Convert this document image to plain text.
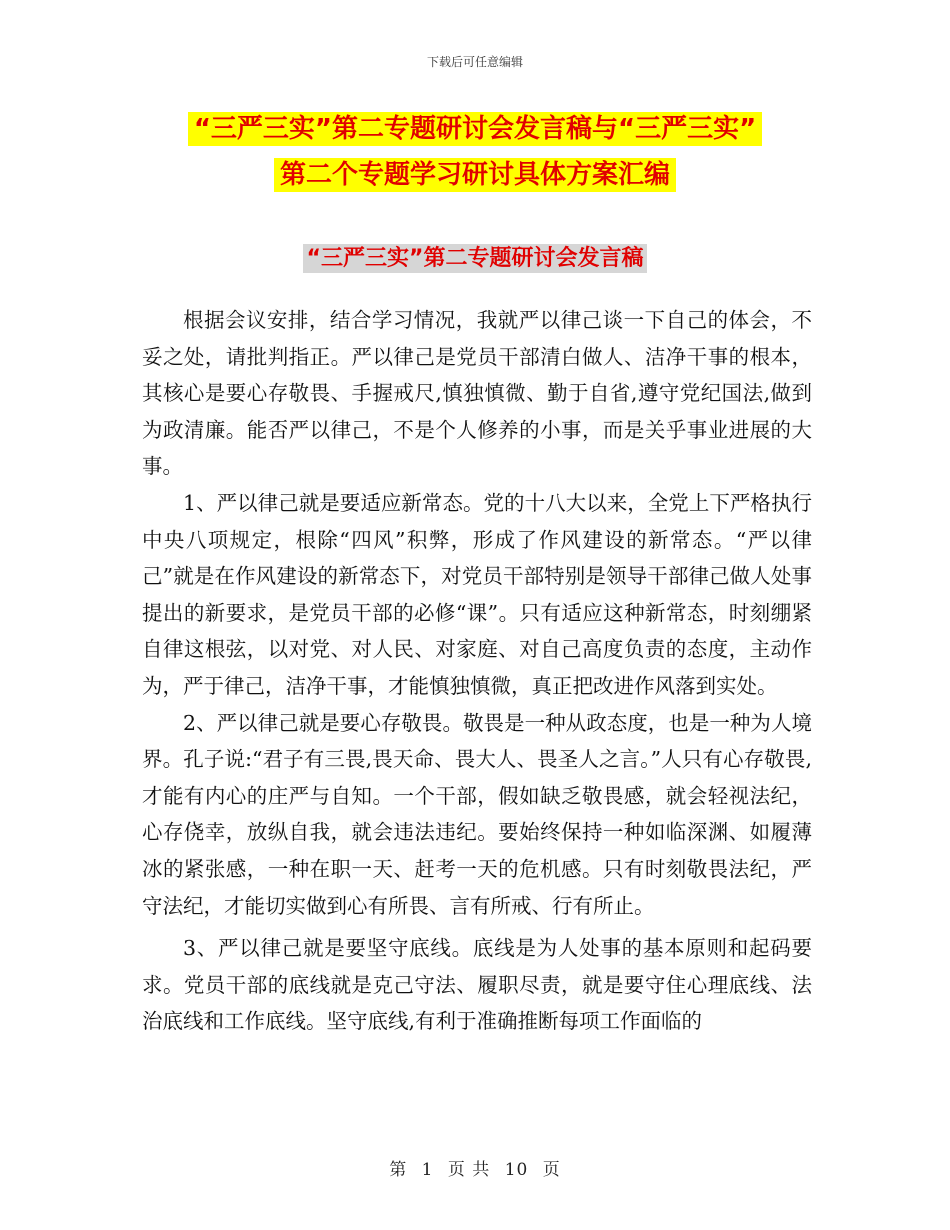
下载后可任意编辑
“三严三实”第二专题研讨会发言稿与“三严三实”
第二个专题学习研讨具体方案汇编
“三严三实”第二专题研讨会发言稿

根据会议安排，结合学习情况，我就严以律己谈一下自己的体会，不妥之处，请批判指正。严以律己是党员干部清白做人、洁净干事的根本，其核心是要心存敬畏、手握戒尺,慎独慎微、勤于自省,遵守党纪国法,做到为政清廉。能否严以律己，不是个人修养的小事，而是关乎事业进展的大事。

1、严以律己就是要适应新常态。党的十八大以来，全党上下严格执行中央八项规定，根除“四风”积弊，形成了作风建设的新常态。“严以律己”就是在作风建设的新常态下，对党员干部特别是领导干部律己做人处事提出的新要求，是党员干部的必修“课”。只有适应这种新常态，时刻绷紧自律这根弦，以对党、对人民、对家庭、对自己高度负责的态度，主动作为，严于律己，洁净干事，才能慎独慎微，真正把改进作风落到实处。

2、严以律己就是要心存敬畏。敬畏是一种从政态度，也是一种为人境界。孔子说:“君子有三畏,畏天命、畏大人、畏圣人之言。”人只有心存敬畏,才能有内心的庄严与自知。一个干部，假如缺乏敬畏感，就会轻视法纪，心存侥幸，放纵自我，就会违法违纪。要始终保持一种如临深渊、如履薄冰的紧张感，一种在职一天、赶考一天的危机感。只有时刻敬畏法纪，严守法纪，才能切实做到心有所畏、言有所戒、行有所止。

3、严以律己就是要坚守底线。底线是为人处事的基本原则和起码要求。党员干部的底线就是克己守法、履职尽责，就是要守住心理底线、法治底线和工作底线。坚守底线,有利于准确推断每项工作面临的

第 1 页 共 10 页
